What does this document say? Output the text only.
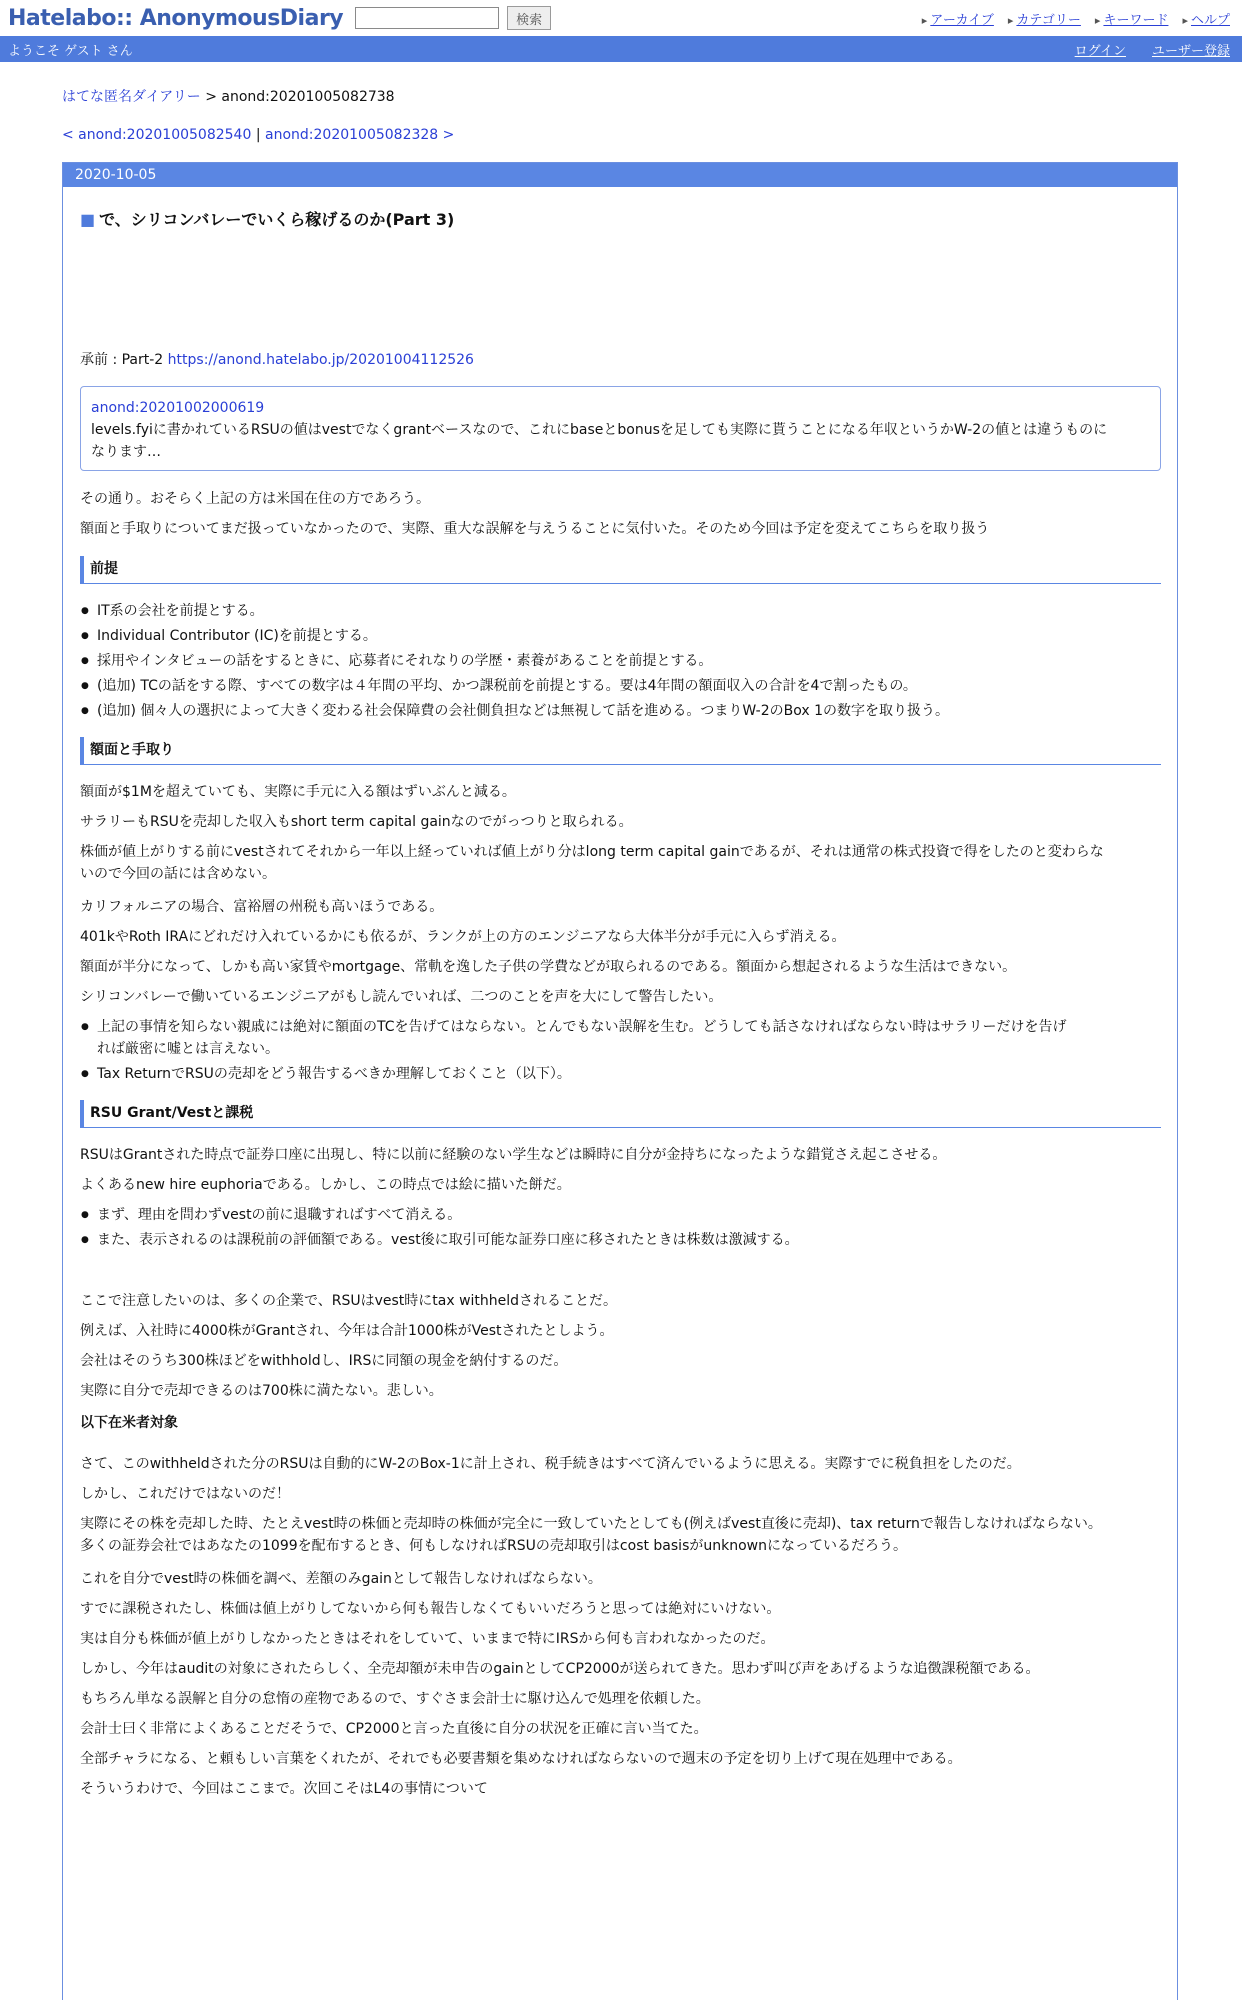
Hatelabo:: AnonymousDiary	検索	▸ アーカイブ ▸ カテゴリー ▸ キーワード ▸ ヘルプ
ようこそ ゲスト さん	ログイン ユーザー登録
はてな匿名ダイアリー > anond:20201005082738
< anond:20201005082540 | anond:20201005082328 >
2020-10-05
■ で、シリコンバレーでいくら稼げるのか(Part 3)
承前 : Part-2 https://anond.hatelabo.jp/20201004112526
anond:20201002000619
levels.fyiに書かれているRSUの値はvestでなくgrantベースなので、これにbaseとbonusを足しても実際に貰うことになる年収というかW-2の値とは違うものに
なります…
その通り。おそらく上記の方は米国在住の方であろう。
額面と手取りについてまだ扱っていなかったので、実際、重大な誤解を与えうることに気付いた。そのため今回は予定を変えてこちらを取り扱う
前提
● IT系の会社を前提とする。
● Individual Contributor (IC)を前提とする。
● 採用やインタビューの話をするときに、応募者にそれなりの学歴・素養があることを前提とする。
● (追加) TCの話をする際、すべての数字は４年間の平均、かつ課税前を前提とする。要は4年間の額面収入の合計を4で割ったもの。
● (追加) 個々人の選択によって大きく変わる社会保障費の会社側負担などは無視して話を進める。つまりW-2のBox 1の数字を取り扱う。
額面と手取り
額面が$1Mを超えていても、実際に手元に入る額はずいぶんと減る。
サラリーもRSUを売却した収入もshort term capital gainなのでがっつりと取られる。
株価が値上がりする前にvestされてそれから一年以上経っていれば値上がり分はlong term capital gainであるが、それは通常の株式投資で得をしたのと変わらな
いので今回の話には含めない。
カリフォルニアの場合、富裕層の州税も高いほうである。
401kやRoth IRAにどれだけ入れているかにも依るが、ランクが上の方のエンジニアなら大体半分が手元に入らず消える。
額面が半分になって、しかも高い家賃やmortgage、常軌を逸した子供の学費などが取られるのである。額面から想起されるような生活はできない。
シリコンバレーで働いているエンジニアがもし読んでいれば、二つのことを声を大にして警告したい。
● 上記の事情を知らない親戚には絶対に額面のTCを告げてはならない。とんでもない誤解を生む。どうしても話さなければならない時はサラリーだけを告げ
れば厳密に嘘とは言えない。
● Tax ReturnでRSUの売却をどう報告するべきか理解しておくこと（以下）。
RSU Grant/Vestと課税
RSUはGrantされた時点で証券口座に出現し、特に以前に経験のない学生などは瞬時に自分が金持ちになったような錯覚さえ起こさせる。
よくあるnew hire euphoriaである。しかし、この時点では絵に描いた餅だ。
● まず、理由を問わずvestの前に退職すればすべて消える。
● また、表示されるのは課税前の評価額である。vest後に取引可能な証券口座に移されたときは株数は激減する。
ここで注意したいのは、多くの企業で、RSUはvest時にtax withheldされることだ。
例えば、入社時に4000株がGrantされ、今年は合計1000株がVestされたとしよう。
会社はそのうち300株ほどをwithholdし、IRSに同額の現金を納付するのだ。
実際に自分で売却できるのは700株に満たない。悲しい。
以下在米者対象
さて、このwithheldされた分のRSUは自動的にW-2のBox-1に計上され、税手続きはすべて済んでいるように思える。実際すでに税負担をしたのだ。
しかし、これだけではないのだ！
実際にその株を売却した時、たとえvest時の株価と売却時の株価が完全に一致していたとしても(例えばvest直後に売却)、tax returnで報告しなければならない。
多くの証券会社ではあなたの1099を配布するとき、何もしなければRSUの売却取引はcost basisがunknownになっているだろう。
これを自分でvest時の株価を調べ、差額のみgainとして報告しなければならない。
すでに課税されたし、株価は値上がりしてないから何も報告しなくてもいいだろうと思っては絶対にいけない。
実は自分も株価が値上がりしなかったときはそれをしていて、いままで特にIRSから何も言われなかったのだ。
しかし、今年はauditの対象にされたらしく、全売却額が未申告のgainとしてCP2000が送られてきた。思わず叫び声をあげるような追徴課税額である。
もちろん単なる誤解と自分の怠惰の産物であるので、すぐさま会計士に駆け込んで処理を依頼した。
会計士曰く非常によくあることだそうで、CP2000と言った直後に自分の状況を正確に言い当てた。
全部チャラになる、と頼もしい言葉をくれたが、それでも必要書類を集めなければならないので週末の予定を切り上げて現在処理中である。
そういうわけで、今回はここまで。次回こそはL4の事情について
